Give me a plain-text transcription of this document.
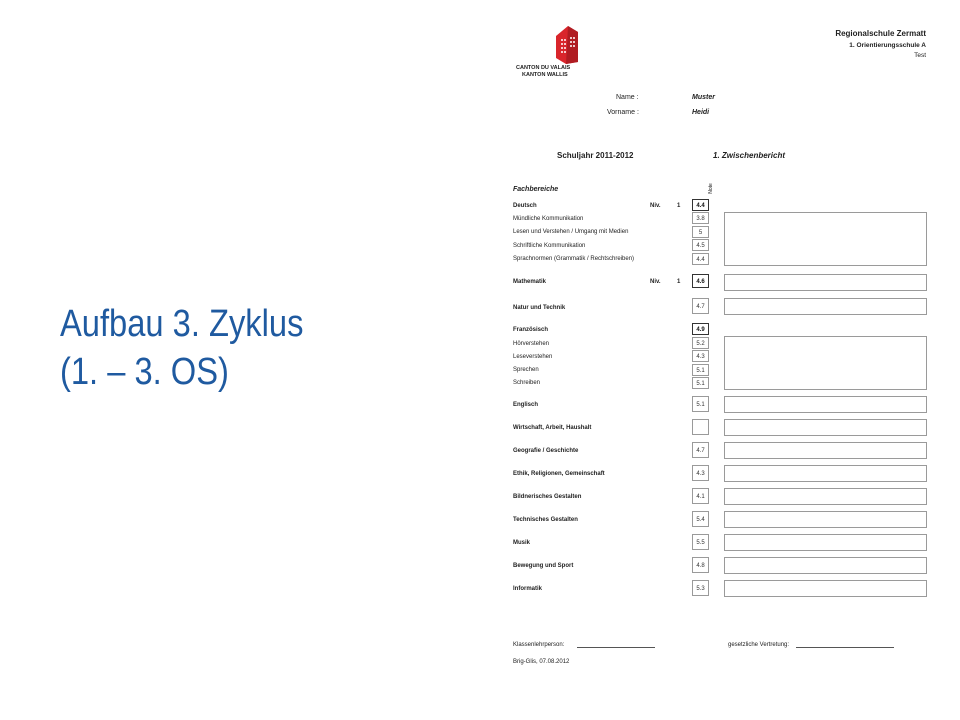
Aufbau 3. Zyklus
(1. – 3. OS)
CANTON DU VALAIS
KANTON WALLIS
Regionalschule Zermatt
1. Orientierungsschule A
Test
Name :	Muster
Vorname :	Heidi
Schuljahr 2011-2012	1. Zwischenbericht
Fachbereiche	Note
Deutsch	Niv.	1	4.4
Mündliche Kommunikation	3.8
Lesen und Verstehen / Umgang mit Medien	5
Schriftliche Kommunikation	4.5
Sprachnormen (Grammatik / Rechtschreiben)	4.4
Mathematik	Niv.	1	4.6
Natur und Technik	4.7
Französisch	4.9
Hörverstehen	5.2
Leseverstehen	4.3
Sprechen	5.1
Schreiben	5.1
Englisch	5.1
Wirtschaft, Arbeit, Haushalt
Geografie / Geschichte	4.7
Ethik, Religionen, Gemeinschaft	4.3
Bildnerisches Gestalten	4.1
Technisches Gestalten	5.4
Musik	5.5
Bewegung und Sport	4.8
Informatik	5.3
Klassenlehrperson:	gesetzliche Vertretung:
Brig-Glis, 07.08.2012
